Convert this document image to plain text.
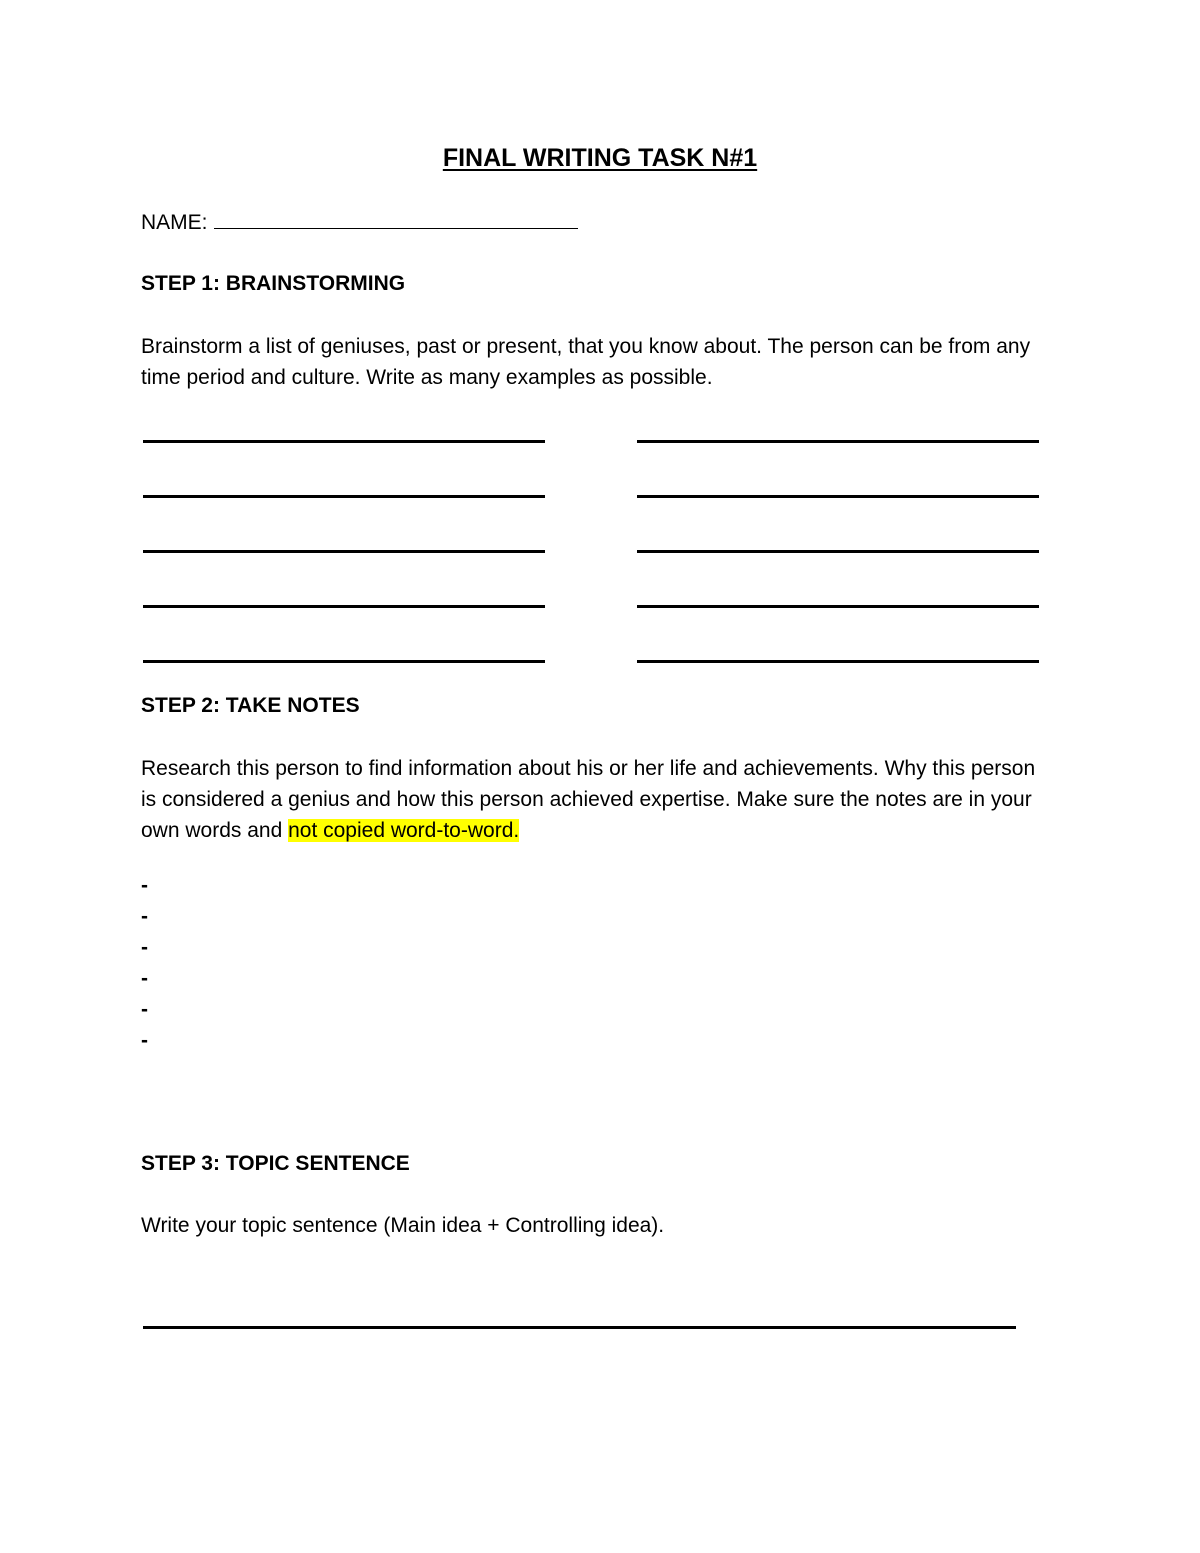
FINAL WRITING TASK N#1
NAME:
STEP 1: BRAINSTORMING
Brainstorm a list of geniuses, past or present, that you know about. The person can be from any time period and culture. Write as many examples as possible.
STEP 2: TAKE NOTES
Research this person to find information about his or her life and achievements. Why this person is considered a genius and how this person achieved expertise. Make sure the notes are in your own words and not copied word-to-word.
-
-
-
-
-
-
STEP 3: TOPIC SENTENCE
Write your topic sentence (Main idea + Controlling idea).
